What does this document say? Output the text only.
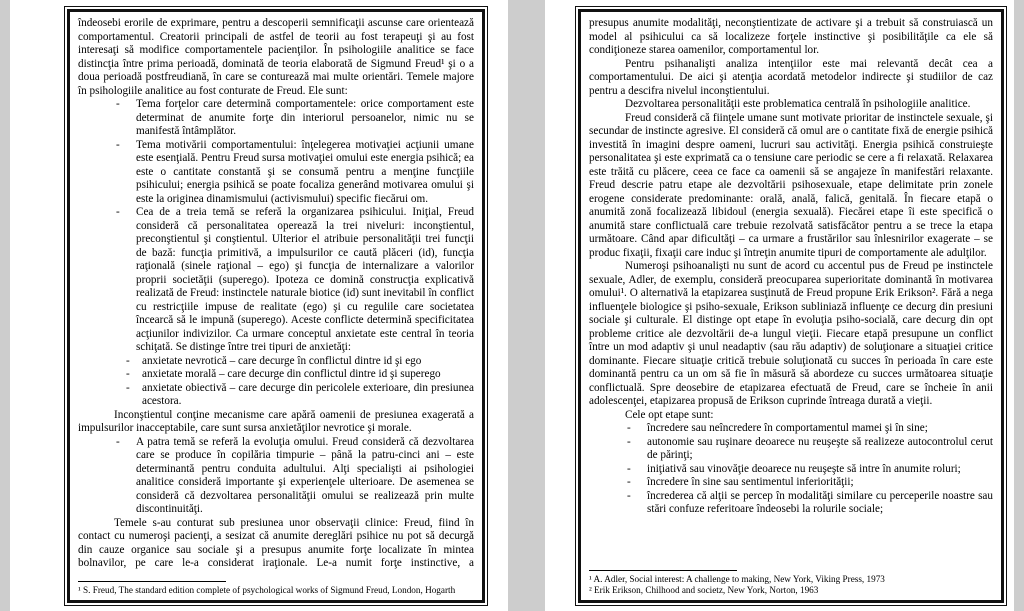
îndeosebi erorile de exprimare, pentru a descoperii semnificaţii ascunse care orientează comportamentul. Creatorii principali de astfel de teorii au fost terapeuţi şi au fost interesaţi să modifice comportamentele pacienţilor. În psihologiile analitice se face distincţia între prima perioadă, dominată de teoria elaborată de Sigmund Freud¹ şi o a doua perioadă postfreudiană, în care se conturează mai multe orientări. Temele majore în psihologiile analitice au fost conturate de Freud. Ele sunt:

-	Tema forţelor care determină comportamentele: orice comportament este determinat de anumite forţe din interiorul persoanelor, nimic nu se manifestă întâmplător.

-	Tema motivării comportamentului: înţelegerea motivaţiei acţiunii umane este esenţială. Pentru Freud sursa motivaţiei omului este energia psihică; ea este o cantitate constantă şi se consumă pentru a menţine funcţiile psihicului; energia psihică se poate focaliza generând motivarea omului şi este la originea dinamismului (activismului) specific fiecărui om.

-	Cea de a treia temă se referă la organizarea psihicului. Iniţial, Freud consideră că personalitatea operează la trei niveluri: inconştientul, preconştientul şi conştientul. Ulterior el atribuie personalităţii trei funcţii de bază: funcţia primitivă, a impulsurilor ce caută plăceri (id), funcţia raţională (sinele raţional – ego) şi funcţia de internalizare a valorilor proprii societăţii (superego). Ipoteza ce domină construcţia explicativă realizată de Freud: instinctele naturale biotice (id) sunt inevitabil în conflict cu restricţiile impuse de realitate (ego) şi cu regulile care societatea încearcă să le impună (superego). Aceste conflicte determină specificitatea acţiunilor indivizilor. Ca urmare conceptul anxietate este central în teoria schiţată. Se distinge între trei tipuri de anxietăţi:

-	anxietate nevrotică – care decurge în conflictul dintre id şi ego

-	anxietate morală – care decurge din conflictul dintre id şi superego

-	anxietate obiectivă – care decurge din pericolele exterioare, din presiunea acestora.

Inconştientul conţine mecanisme care apără oamenii de presiunea exagerată a impulsurilor inacceptabile, care sunt sursa anxietăţilor nevrotice şi morale.

-	A patra temă se referă la evoluţia omului. Freud consideră că dezvoltarea care se produce în copilăria timpurie – până la patru-cinci ani – este determinantă pentru conduita adultului. Alţi specialişti ai psihologiei analitice consideră importante şi experienţele ulterioare. De asemenea se consideră că dezvoltarea personalităţii omului se realizează prin multe discontinuităţi.

Temele s-au conturat sub presiunea unor observaţii clinice: Freud, fiind în contact cu numeroşi pacienţi, a sesizat că anumite dereglări psihice nu pot să decurgă din cauze organice sau sociale şi a presupus anumite forţe localizate în mintea bolnavilor, pe care le-a considerat iraţionale. Le-a numit forţe instinctive, a

¹ S. Freud, The standard edition complete of psychological works of Sigmund Freud, London, Hogarth

presupus anumite modalităţi, neconştientizate de activare şi a trebuit să construiască un model al psihicului ca să localizeze forţele instinctive şi posibilităţile ca ele să condiţioneze starea oamenilor, comportamentul lor.

Pentru psihanalişti analiza intenţiilor este mai relevantă decât cea a comportamentului. De aici şi atenţia acordată metodelor indirecte şi studiilor de caz pentru a descifra nivelul inconştientului.

Dezvoltarea personalităţii este problematica centrală în psihologiile analitice.

Freud consideră că fiinţele umane sunt motivate prioritar de instinctele sexuale, şi secundar de instincte agresive. El consideră că omul are o cantitate fixă de energie psihică investită în imagini despre oameni, lucruri sau activităţi. Energia psihică construieşte personalitatea şi este exprimată ca o tensiune care periodic se cere a fi relaxată. Relaxarea este trăită cu plăcere, ceea ce face ca oamenii să se angajeze în manifestări relaxante. Freud descrie patru etape ale dezvoltării psihosexuale, etape delimitate prin zonele erogene considerate predominante: orală, anală, falică, genitală. În fiecare etapă o anumită zonă focalizează libidoul (energia sexuală). Fiecărei etape îi este specifică o anumită stare conflictuală care trebuie rezolvată satisfăcător pentru a se trece la etapa următoare. Când apar dificultăţi – ca urmare a frustărilor sau înlesnirilor exagerate – se produc fixaţii, fixaţii care induc şi întreţin anumite tipuri de comportamente ale adulţilor.

Numeroşi psihoanalişti nu sunt de acord cu accentul pus de Freud pe instinctele sexuale, Adler, de exemplu, consideră preocuparea superioritate dominantă în motivarea omului¹. O alternativă la etapizarea susţinută de Freud propune Erik Erikson². Fără a nega influenţele biologice şi psiho-sexuale, Erikson subliniază influenţe ce decurg din presiuni sociale şi culturale. El distinge opt etape în evoluţia psiho-socială, care decurg din opt probleme critice ale dezvoltării de-a lungul vieţii. Fiecare etapă presupune un conflict între un mod adaptiv şi unul neadaptiv (sau rău adaptiv) de soluţionare a situaţiei critice dominante. Fiecare situaţie critică trebuie soluţionată cu succes în perioada în care este dominantă pentru ca un om să fie în măsură să abordeze cu succes următoarea situaţie conflictuală. Spre deosebire de etapizarea efectuată de Freud, care se încheie în anii adolescenţei, etapizarea propusă de Erikson cuprinde întreaga durată a vieţii.

Cele opt etape sunt:

-	încredere sau neîncredere în comportamentul mamei şi în sine;

-	autonomie sau ruşinare deoarece nu reuşeşte să realizeze autocontrolul cerut de părinţi;

-	iniţiativă sau vinovăţie deoarece nu reuşeşte să intre în anumite roluri;

-	încredere în sine sau sentimentul inferiorităţii;

-	încrederea că alţii se percep în modalităţi similare cu perceperile noastre sau stări confuze referitoare îndeosebi la rolurile sociale;

¹ A. Adler, Social interest: A challenge to making, New York, Viking Press, 1973

² Erik Erikson, Chilhood and societz, New York, Norton, 1963
